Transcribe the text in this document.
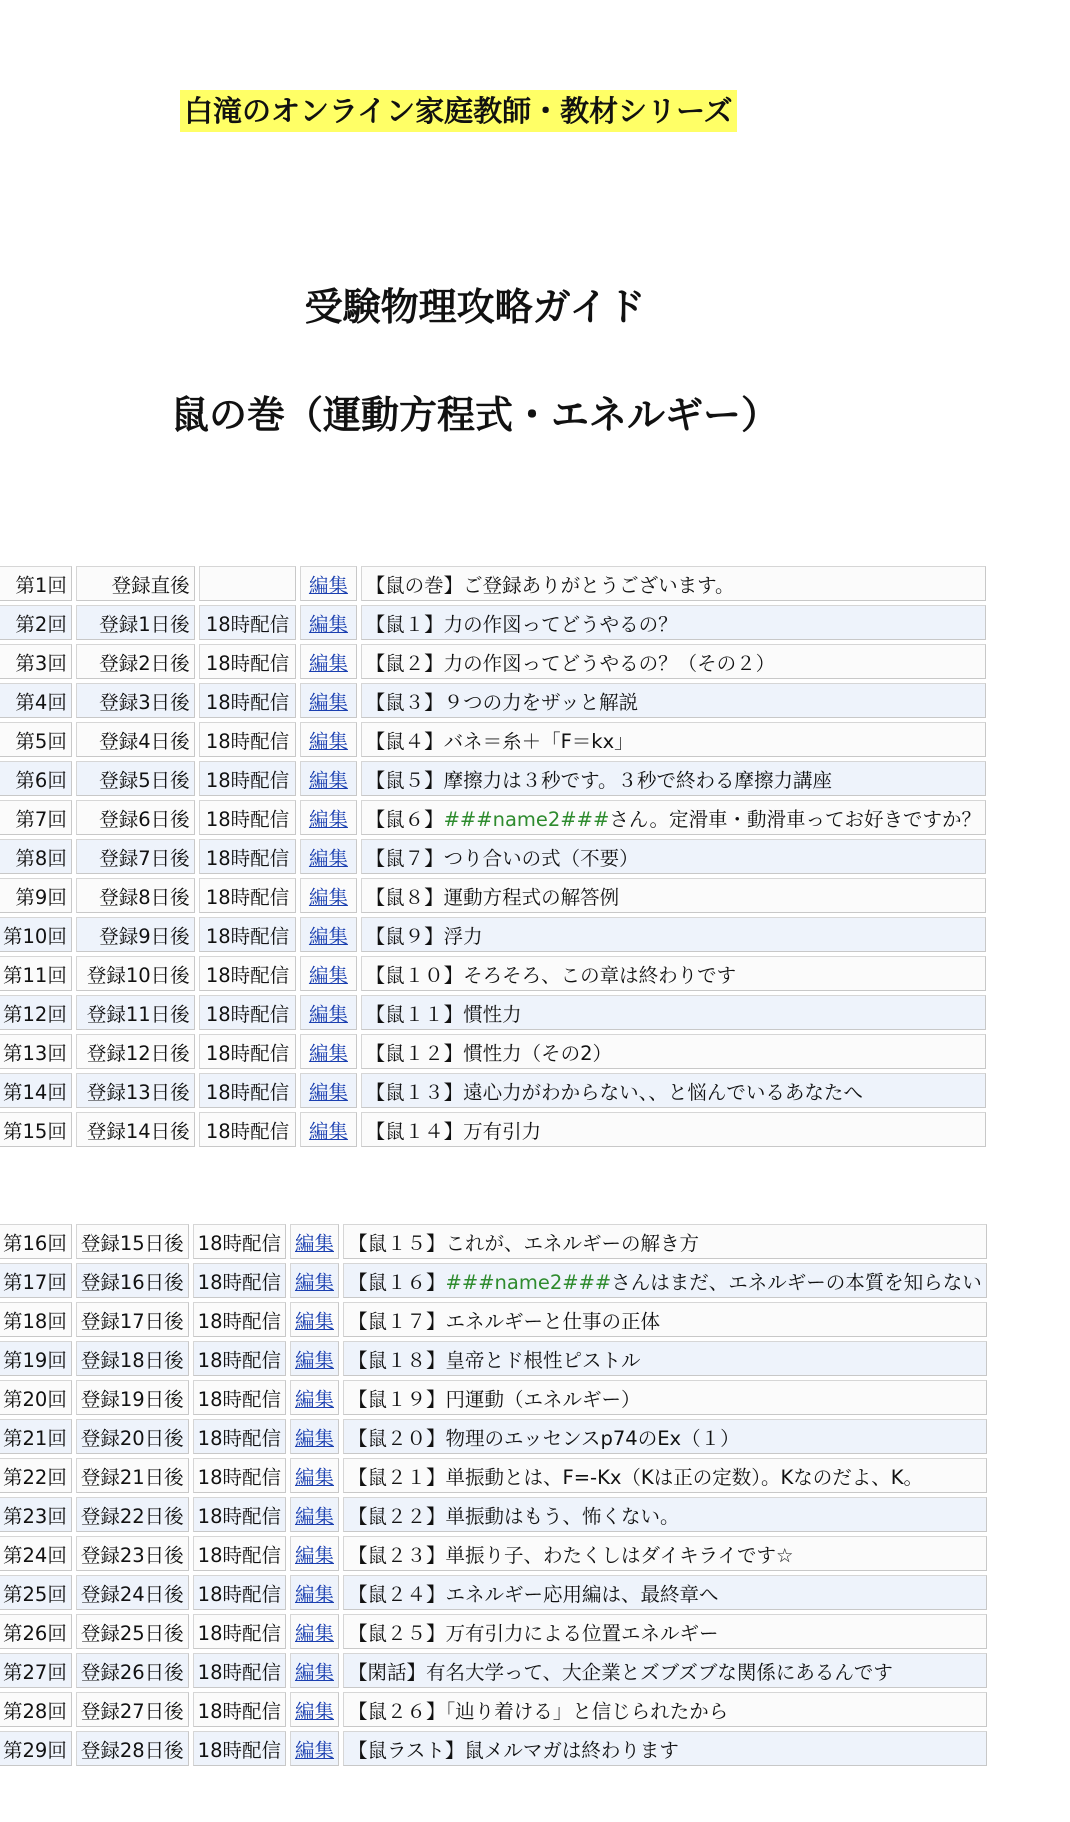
白滝のオンライン家庭教師・教材シリーズ
受験物理攻略ガイド
鼠の巻（運動方程式・エネルギー）
第1回	登録直後		編集	【鼠の巻】ご登録ありがとうございます。
第2回	登録1日後	18時配信	編集	【鼠１】力の作図ってどうやるの？
第3回	登録2日後	18時配信	編集	【鼠２】力の作図ってどうやるの？（その２）
第4回	登録3日後	18時配信	編集	【鼠３】９つの力をザッと解説
第5回	登録4日後	18時配信	編集	【鼠４】バネ＝糸＋「F＝kx」
第6回	登録5日後	18時配信	編集	【鼠５】摩擦力は３秒です。３秒で終わる摩擦力講座
第7回	登録6日後	18時配信	編集	【鼠６】###name2###さん。定滑車・動滑車ってお好きですか？
第8回	登録7日後	18時配信	編集	【鼠７】つり合いの式（不要）
第9回	登録8日後	18時配信	編集	【鼠８】運動方程式の解答例
第10回	登録9日後	18時配信	編集	【鼠９】浮力
第11回	登録10日後	18時配信	編集	【鼠１０】そろそろ、この章は終わりです
第12回	登録11日後	18時配信	編集	【鼠１１】慣性力
第13回	登録12日後	18時配信	編集	【鼠１２】慣性力（その2）
第14回	登録13日後	18時配信	編集	【鼠１３】遠心力がわからない、、と悩んでいるあなたへ
第15回	登録14日後	18時配信	編集	【鼠１４】万有引力
第16回	登録15日後	18時配信	編集	【鼠１５】これが、エネルギーの解き方
第17回	登録16日後	18時配信	編集	【鼠１６】###name2###さんはまだ、エネルギーの本質を知らない
第18回	登録17日後	18時配信	編集	【鼠１７】エネルギーと仕事の正体
第19回	登録18日後	18時配信	編集	【鼠１８】皇帝とド根性ピストル
第20回	登録19日後	18時配信	編集	【鼠１９】円運動（エネルギー）
第21回	登録20日後	18時配信	編集	【鼠２０】物理のエッセンスp74のEx（１）
第22回	登録21日後	18時配信	編集	【鼠２１】単振動とは、F=-Kx（Kは正の定数）。Kなのだよ、K。
第23回	登録22日後	18時配信	編集	【鼠２２】単振動はもう、怖くない。
第24回	登録23日後	18時配信	編集	【鼠２３】単振り子、わたくしはダイキライです☆
第25回	登録24日後	18時配信	編集	【鼠２４】エネルギー応用編は、最終章へ
第26回	登録25日後	18時配信	編集	【鼠２５】万有引力による位置エネルギー
第27回	登録26日後	18時配信	編集	【閑話】有名大学って、大企業とズブズブな関係にあるんです
第28回	登録27日後	18時配信	編集	【鼠２６】「辿り着ける」と信じられたから
第29回	登録28日後	18時配信	編集	【鼠ラスト】鼠メルマガは終わります
